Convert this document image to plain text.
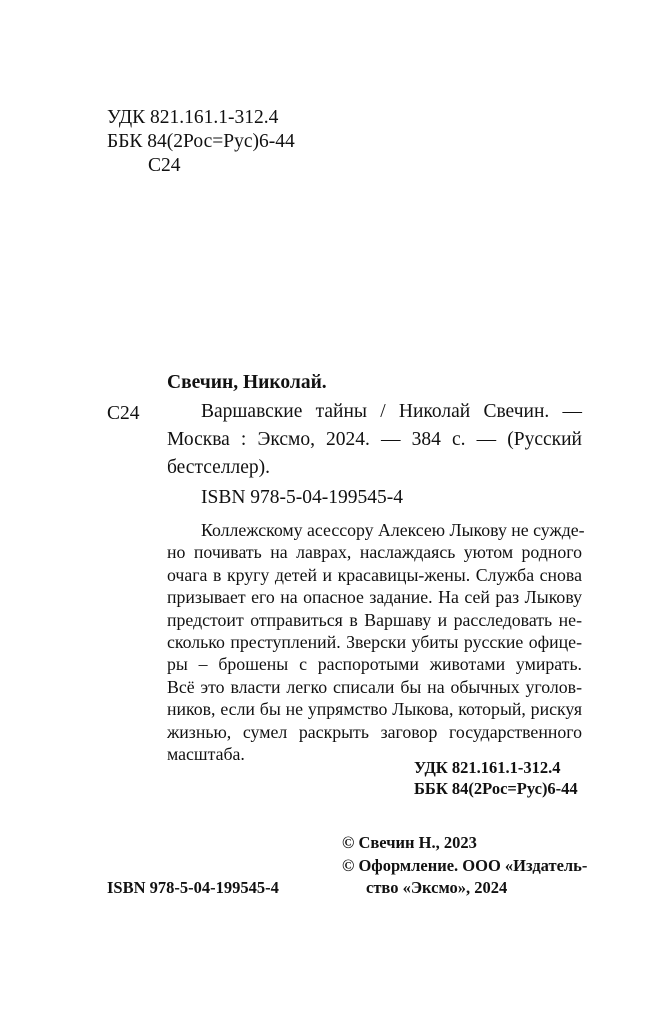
УДК 821.161.1-312.4
ББК 84(2Рос=Рус)6-44
С24
Свечин, Николай.
С24	Варшавские тайны / Николай Свечин. —
Москва : Эксмо, 2024. — 384 с. — (Русский
бестселлер).
ISBN 978-5-04-199545-4
Коллежскому асессору Алексею Лыкову не сужде-
но почивать на лаврах, наслаждаясь уютом родного
очага в кругу детей и красавицы-жены. Служба снова
призывает его на опасное задание. На сей раз Лыкову
предстоит отправиться в Варшаву и расследовать не-
сколько преступлений. Зверски убиты русские офице-
ры – брошены с распоротыми животами умирать.
Всё это власти легко списали бы на обычных уголов-
ников, если бы не упрямство Лыкова, который, рискуя
жизнью, сумел раскрыть заговор государственного
масштаба.
УДК 821.161.1-312.4
ББК 84(2Рос=Рус)6-44
© Свечин Н., 2023
© Оформление. ООО «Издатель-
ство «Эксмо», 2024
ISBN 978-5-04-199545-4
